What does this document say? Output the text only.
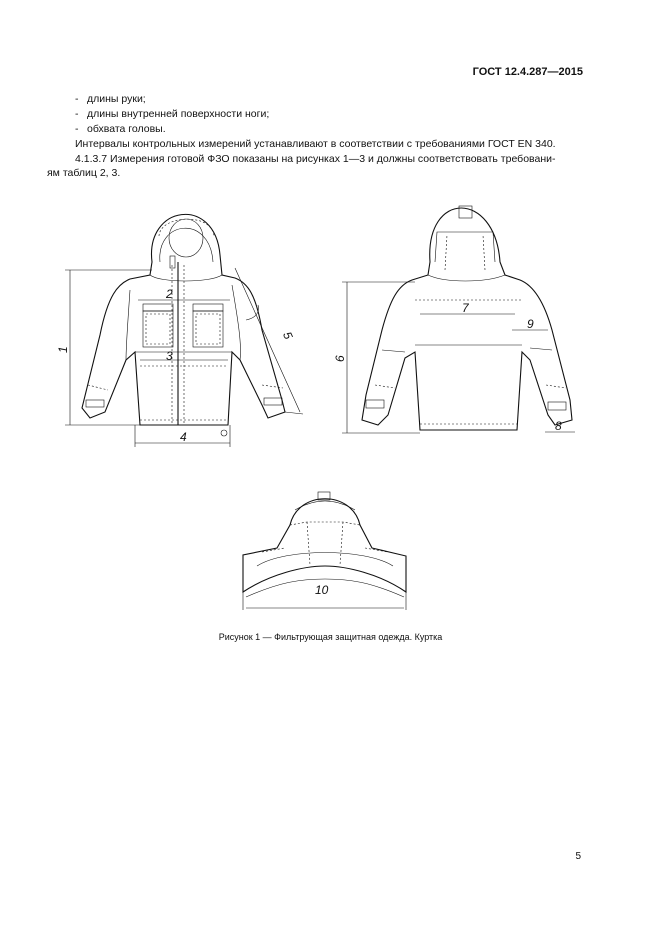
ГОСТ 12.4.287—2015
- длины руки;
- длины внутренней поверхности ноги;
- обхвата головы.
Интервалы контрольных измерений устанавливают в соответствии с требованиями ГОСТ EN 340.
4.1.3.7 Измерения готовой ФЗО показаны на рисунках 1—3 и должны соответствовать требовани-
ям таблиц 2, 3.
1
2
3
4
5
6
7
8
9
10
Рисунок 1 — Фильтрующая защитная одежда. Куртка
5
